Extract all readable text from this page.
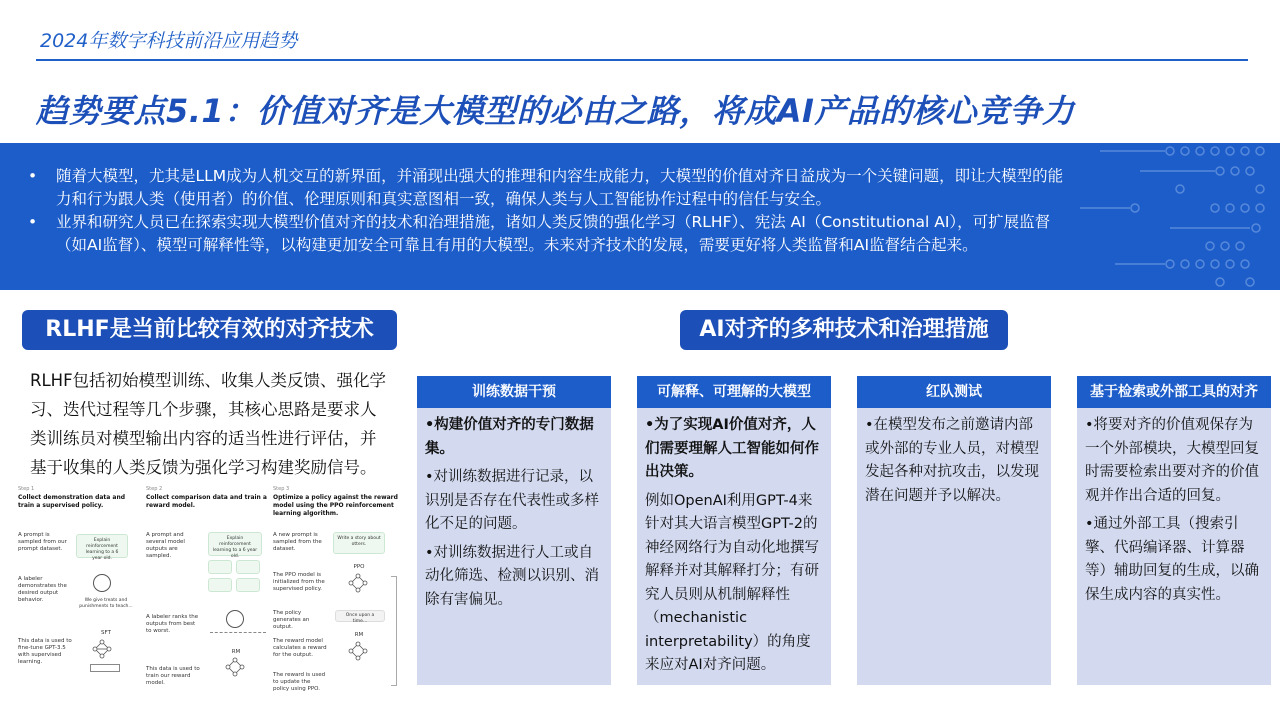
2024年数字科技前沿应用趋势
趋势要点5.1：价值对齐是大模型的必由之路，将成AI产品的核心竞争力
• 随着大模型，尤其是LLM成为人机交互的新界面，并涌现出强大的推理和内容生成能力，大模型的价值对齐日益成为一个关键问题，即让大模型的能力和行为跟人类（使用者）的价值、伦理原则和真实意图相一致，确保人类与人工智能协作过程中的信任与安全。
• 业界和研究人员已在探索实现大模型价值对齐的技术和治理措施，诸如人类反馈的强化学习（RLHF）、宪法 AI（Constitutional AI），可扩展监督（如AI监督）、模型可解释性等，以构建更加安全可靠且有用的大模型。未来对齐技术的发展，需要更好将人类监督和AI监督结合起来。
RLHF是当前比较有效的对齐技术	AI对齐的多种技术和治理措施
RLHF包括初始模型训练、收集人类反馈、强化学习、迭代过程等几个步骤，其核心思路是要求人类训练员对模型输出内容的适当性进行评估，并基于收集的人类反馈为强化学习构建奖励信号。
Step 1
Collect demonstration data and train a supervised policy.
A prompt is sampled from our prompt dataset.
Explain reinforcement learning to a 6 year old.
A labeler demonstrates the desired output behavior.	We give treats and punishments to teach...
This data is used to fine-tune GPT-3.5 with supervised learning.
SFT
Step 2
Collect comparison data and train a reward model.
A prompt and several model outputs are sampled.
Explain reinforcement learning to a 6 year old.
A labeler ranks the outputs from best to worst.
This data is used to train our reward model.
RM
Step 3
Optimize a policy against the reward model using the PPO reinforcement learning algorithm.
A new prompt is sampled from the dataset.
Write a story about otters.
The PPO model is initialized from the supervised policy.
PPO
The policy generates an output.
Once upon a time...
The reward model calculates a reward for the output.
RM
The reward is used to update the policy using PPO.
训练数据干预

•构建价值对齐的专门数据集。

•对训练数据进行记录，以识别是否存在代表性或多样化不足的问题。

•对训练数据进行人工或自动化筛选、检测以识别、消除有害偏见。

可解释、可理解的大模型

•为了实现AI价值对齐，人们需要理解人工智能如何作出决策。

例如OpenAI利用GPT-4来针对其大语言模型GPT-2的神经网络行为自动化地撰写解释并对其解释打分；有研究人员则从机制解释性（mechanistic interpretability）的角度来应对AI对齐问题。

红队测试

•在模型发布之前邀请内部或外部的专业人员，对模型发起各种对抗攻击，以发现潜在问题并予以解决。

基于检索或外部工具的对齐

•将要对齐的价值观保存为一个外部模块，大模型回复时需要检索出要对齐的价值观并作出合适的回复。

•通过外部工具（搜索引擎、代码编译器、计算器等）辅助回复的生成，以确保生成内容的真实性。
